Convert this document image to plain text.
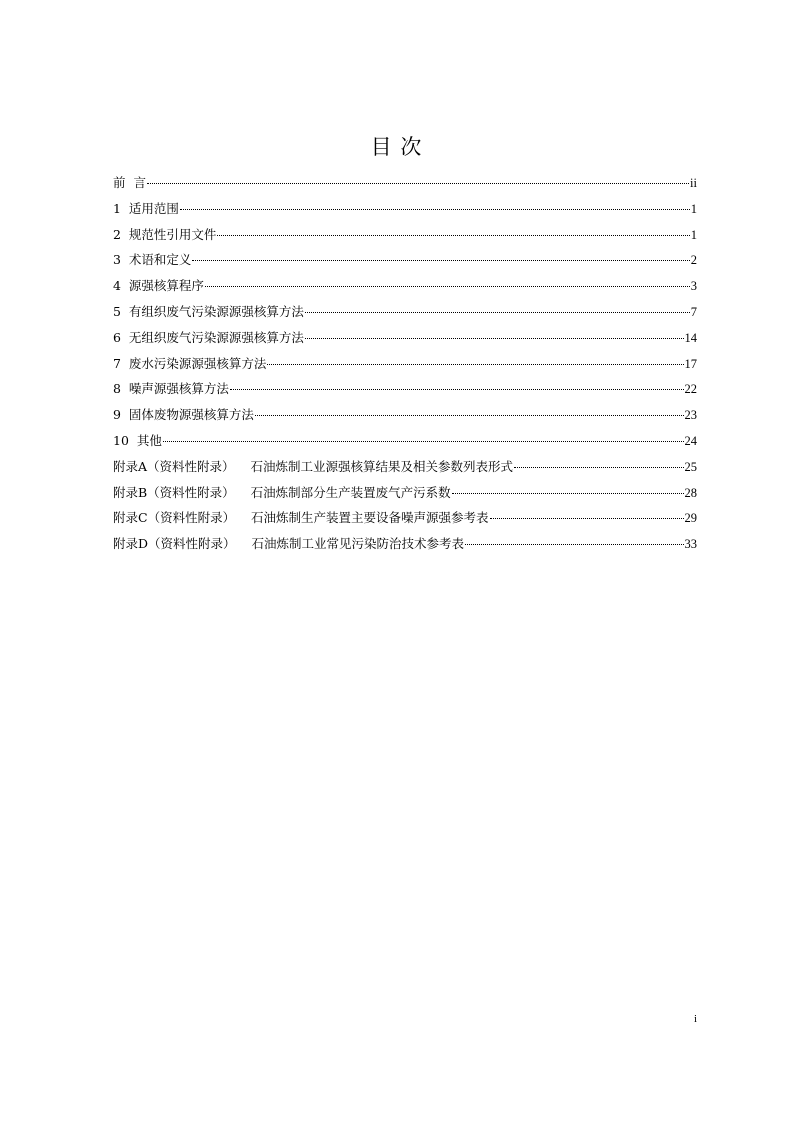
目 次
前 言	ii
1 适用范围	1
2 规范性引用文件	1
3 术语和定义	2
4 源强核算程序	3
5 有组织废气污染源源强核算方法	7
6 无组织废气污染源源强核算方法	14
7 废水污染源源强核算方法	17
8 噪声源强核算方法	22
9 固体废物源强核算方法	23
10 其他	24
附录A（资料性附录） 石油炼制工业源强核算结果及相关参数列表形式	25
附录B（资料性附录） 石油炼制部分生产装置废气产污系数	28
附录C（资料性附录） 石油炼制生产装置主要设备噪声源强参考表	29
附录D（资料性附录） 石油炼制工业常见污染防治技术参考表	33
i
